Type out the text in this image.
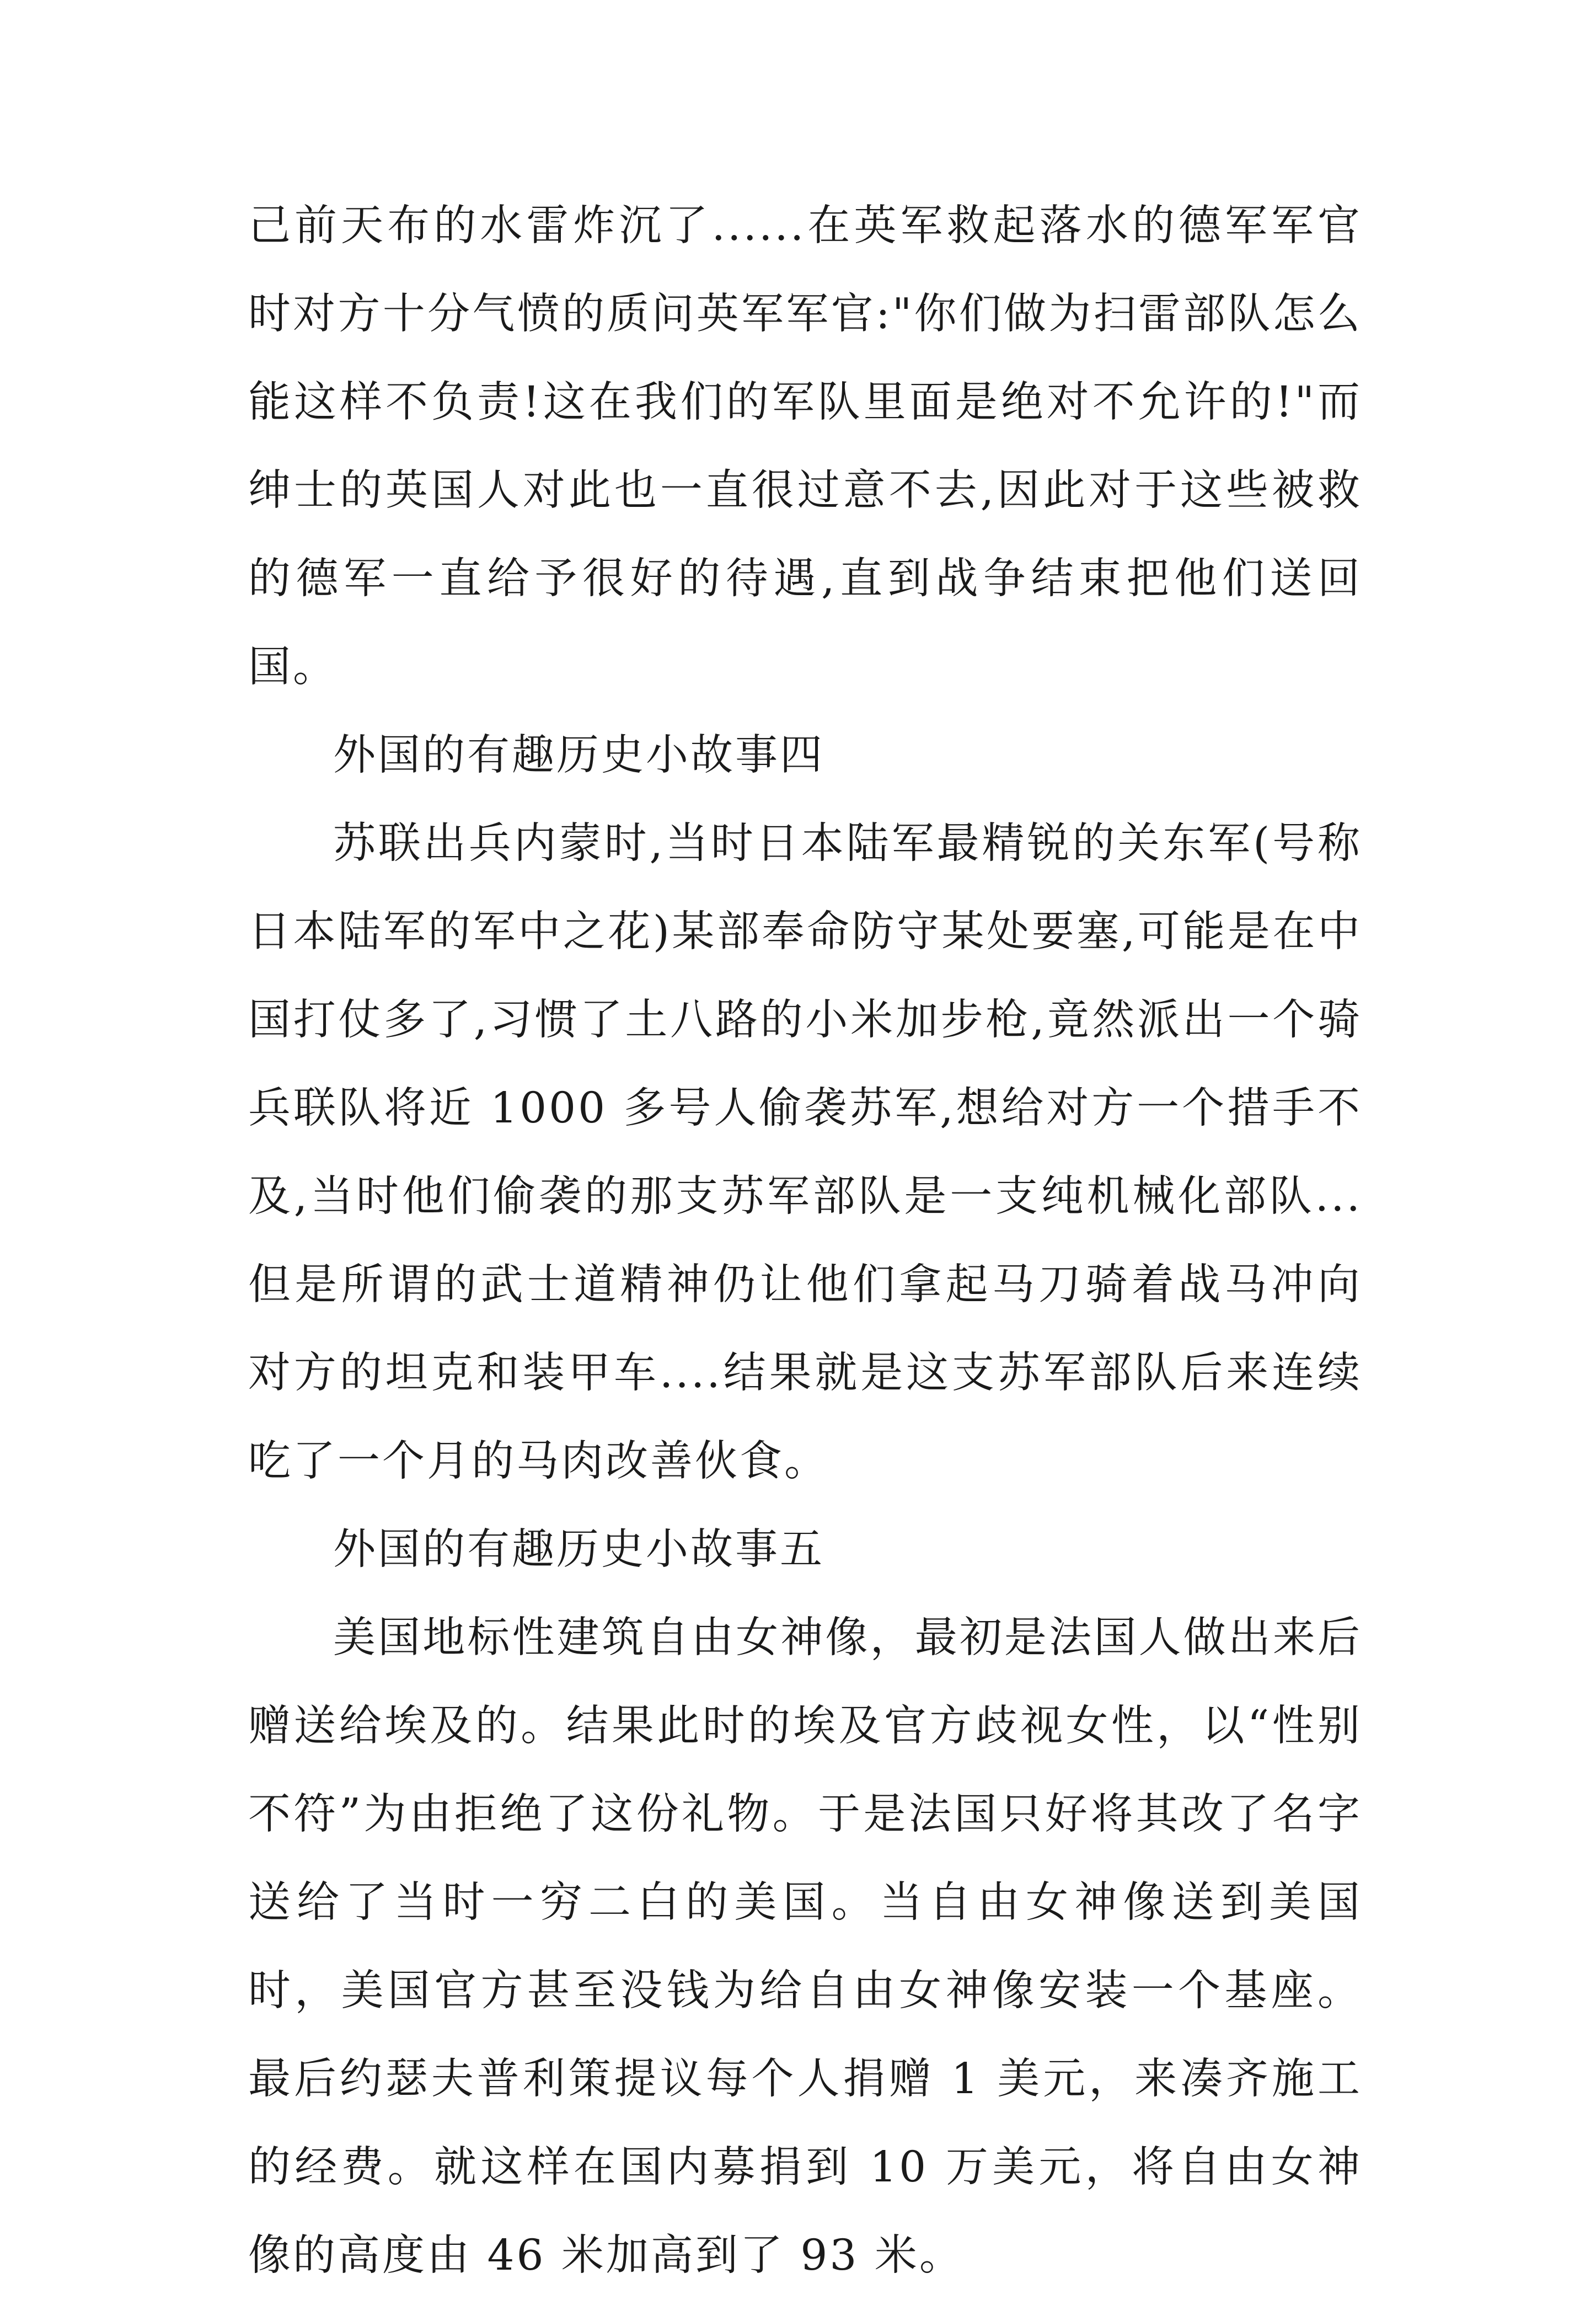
己前天布的水雷炸沉了......在英军救起落水的德军军官时对方十分气愤的质问英军军官:"你们做为扫雷部队怎么能这样不负责!这在我们的军队里面是绝对不允许的!"而绅士的英国人对此也一直很过意不去,因此对于这些被救的德军一直给予很好的待遇,直到战争结束把他们送回国。

外国的有趣历史小故事四

苏联出兵内蒙时,当时日本陆军最精锐的关东军(号称日本陆军的军中之花)某部奉命防守某处要塞,可能是在中国打仗多了,习惯了土八路的小米加步枪,竟然派出一个骑兵联队将近 1000 多号人偷袭苏军,想给对方一个措手不及,当时他们偷袭的那支苏军部队是一支纯机械化部队...但是所谓的武士道精神仍让他们拿起马刀骑着战马冲向对方的坦克和装甲车....结果就是这支苏军部队后来连续吃了一个月的马肉改善伙食。

外国的有趣历史小故事五

美国地标性建筑自由女神像，最初是法国人做出来后赠送给埃及的。结果此时的埃及官方歧视女性，以“性别不符”为由拒绝了这份礼物。于是法国只好将其改了名字送给了当时一穷二白的美国。当自由女神像送到美国时，美国官方甚至没钱为给自由女神像安装一个基座。最后约瑟夫普利策提议每个人捐赠 1 美元，来凑齐施工的经费。就这样在国内募捐到 10 万美元，将自由女神像的高度由 46 米加高到了 93 米。
